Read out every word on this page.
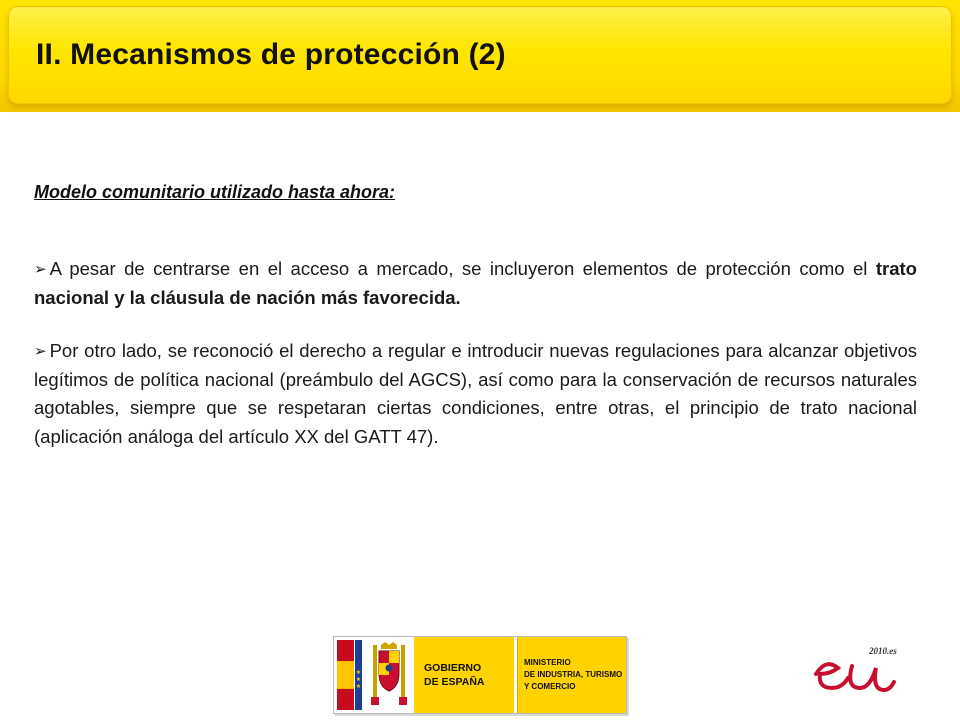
II. Mecanismos de protección (2)

Modelo comunitario utilizado hasta ahora:

➢ A pesar de centrarse en el acceso a mercado, se incluyeron elementos de protección como el trato nacional y la cláusula de nación más favorecida.

➢ Por otro lado, se reconoció el derecho a regular e introducir nuevas regulaciones para alcanzar objetivos legítimos de política nacional (preámbulo del AGCS), así como para la conservación de recursos naturales agotables, siempre que se respetaran ciertas condiciones, entre otras, el principio de trato nacional (aplicación análoga del artículo XX del GATT 47).

★
★
★
GOBIERNO
DE ESPAÑA
MINISTERIO
DE INDUSTRIA, TURISMO
Y COMERCIO
2010.es
